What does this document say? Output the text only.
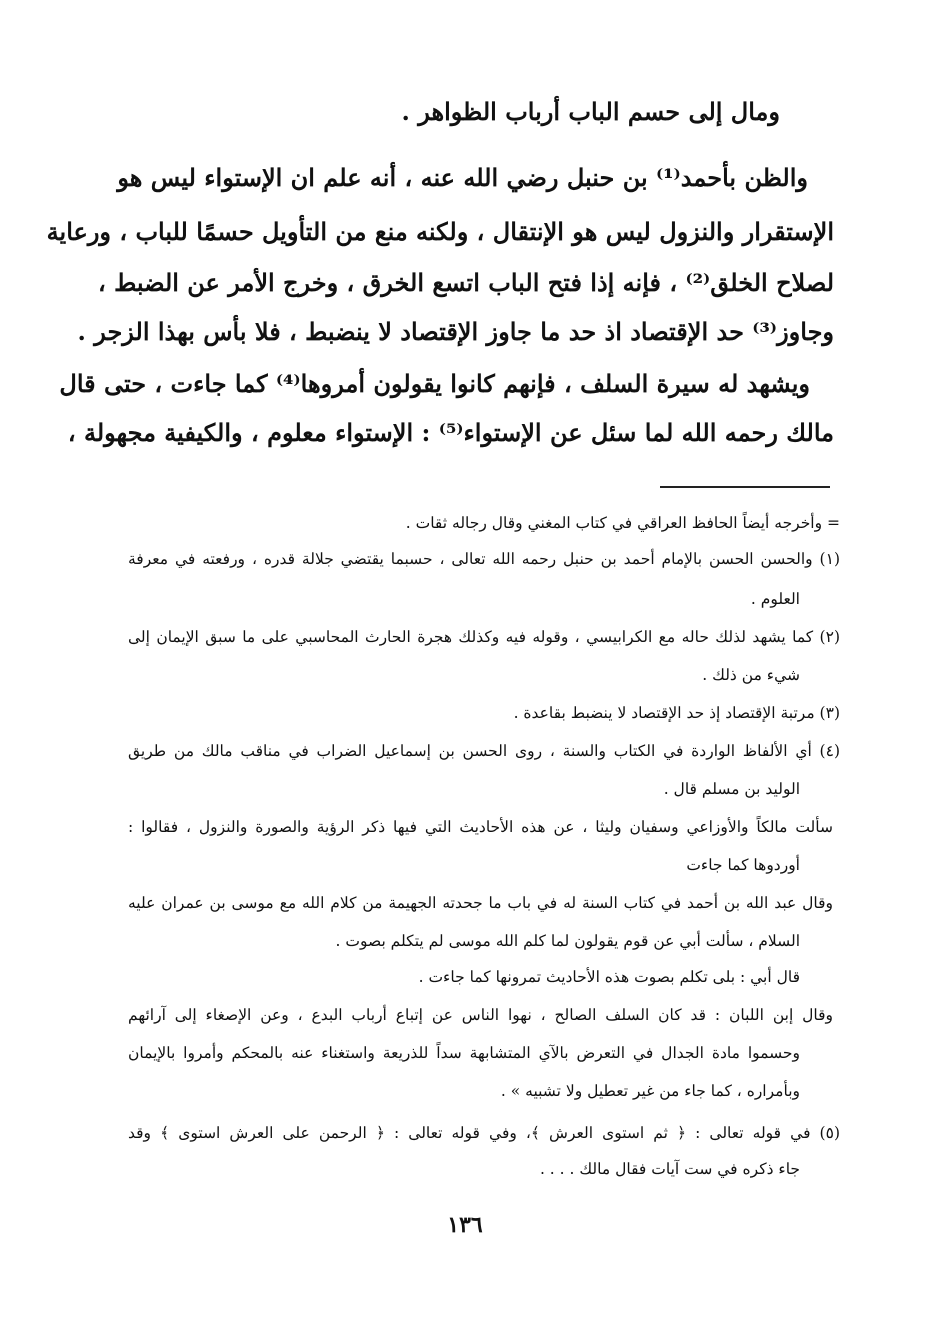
ومال إلى حسم الباب أرباب الظواهر .
والظن بأحمد⁽¹⁾ بن حنبل رضي الله عنه ، أنه علم ان الإستواء ليس هو
الإستقرار والنزول ليس هو الإنتقال ، ولكنه منع من التأويل حسمًا للباب ، ورعاية
لصلاح الخلق⁽²⁾ ، فإنه إذا فتح الباب اتسع الخرق ، وخرج الأمر عن الضبط ،
وجاوز⁽³⁾ حد الإقتصاد اذ حد ما جاوز الإقتصاد لا ينضبط ، فلا بأس بهذا الزجر .
ويشهد له سيرة السلف ، فإنهم كانوا يقولون أمروها⁽⁴⁾ كما جاءت ، حتى قال
مالك رحمه الله لما سئل عن الإستواء⁽⁵⁾ : الإستواء معلوم ، والكيفية مجهولة ،
= وأخرجه أيضاً الحافظ العراقي في كتاب المغني وقال رجاله ثقات .
(١) والحسن الحسن بالإمام أحمد بن حنبل رحمه الله تعالى ، حسبما يقتضي جلالة قدره ، ورفعته في معرفة
العلوم .
(٢) كما يشهد لذلك حاله مع الكرابيسي ، وقوله فيه وكذلك هجرة الحارث المحاسبي على ما سبق الإيمان إلى
شيء من ذلك .
(٣) مرتبة الإقتصاد إذ حد الإقتصاد لا ينضبط بقاعدة .
(٤) أي الألفاظ الواردة في الكتاب والسنة ، روى الحسن بن إسماعيل الضراب في مناقب مالك من طريق
الوليد بن مسلم قال .
سألت مالكاً والأوزاعي وسفيان وليثا ، عن هذه الأحاديث التي فيها ذكر الرؤية والصورة والنزول ، فقالوا :
أوردوها كما جاءت
وقال عبد الله بن أحمد في كتاب السنة له في باب ما جحدته الجهيمة من كلام الله مع موسى بن عمران عليه
السلام ، سألت أبي عن قوم يقولون لما كلم الله موسى لم يتكلم بصوت .
قال أبي : بلى تكلم بصوت هذه الأحاديث تمرونها كما جاءت .
وقال إبن اللبان : قد كان السلف الصالح ، نهوا الناس عن إتباع أرباب البدع ، وعن الإصغاء إلى آرائهم
وحسموا مادة الجدال في التعرض بالآي المتشابهة سداً للذريعة واستغناء عنه بالمحكم وأمروا بالإيمان
وبأمراره ، كما جاء من غير تعطيل ولا تشبيه » .
(٥) في قوله تعالى : ﴿ ثم استوى العرش ﴾، وفي قوله تعالى : ﴿ الرحمن على العرش استوى ﴾ وقد
جاء ذكره في ست آيات فقال مالك . . . .
١٣٦
